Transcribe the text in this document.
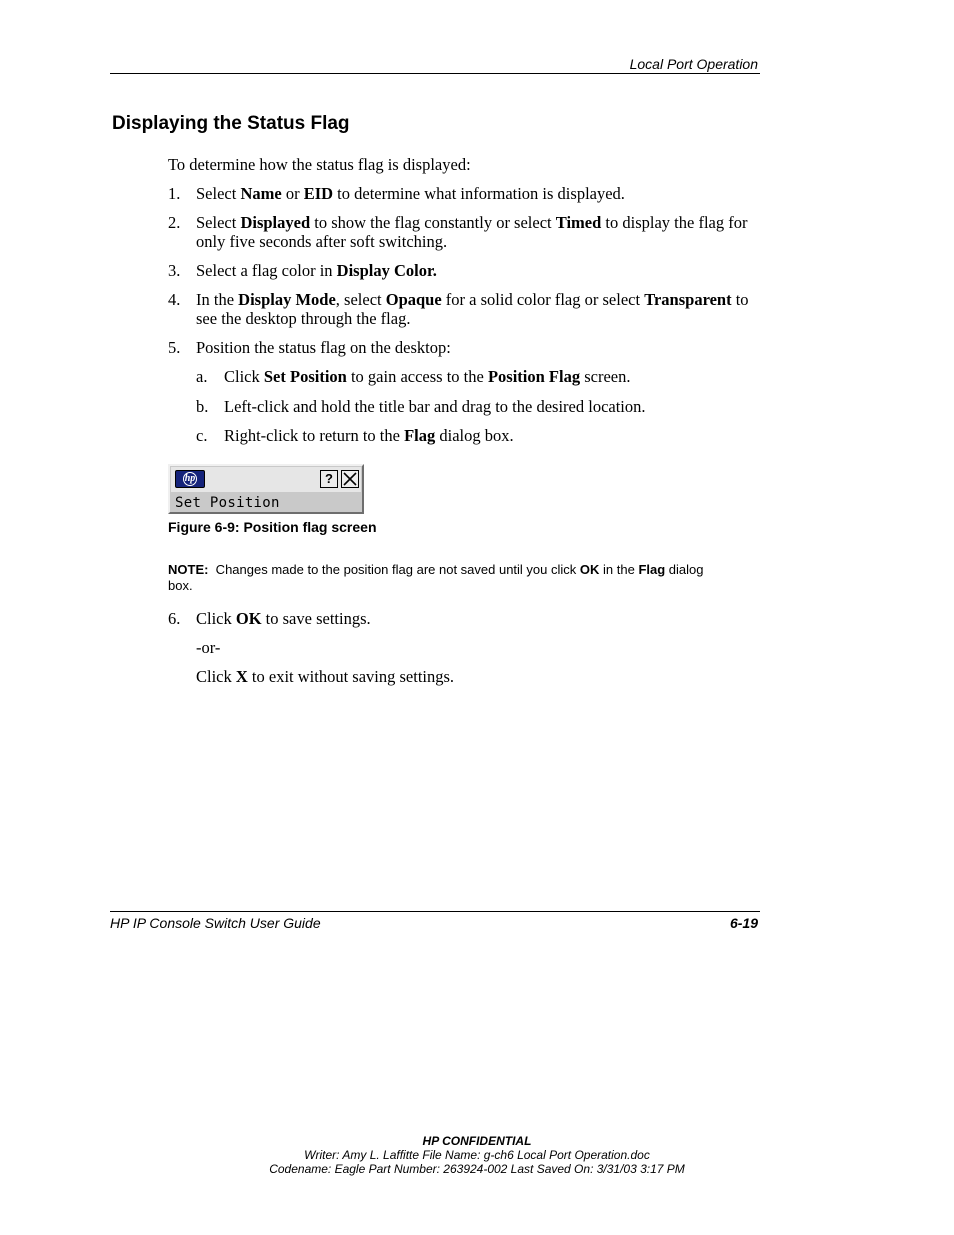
Local Port Operation
Displaying the Status Flag
To determine how the status flag is displayed:
1. Select Name or EID to determine what information is displayed.
2. Select Displayed to show the flag constantly or select Timed to display the flag for only five seconds after soft switching.
3. Select a flag color in Display Color.
4. In the Display Mode, select Opaque for a solid color flag or select Transparent to see the desktop through the flag.
5. Position the status flag on the desktop:
a. Click Set Position to gain access to the Position Flag screen.
b. Left-click and hold the title bar and drag to the desired location.
c. Right-click to return to the Flag dialog box.
hp	?
Set Position
Figure 6-9: Position flag screen
NOTE:  Changes made to the position flag are not saved until you click OK in the Flag dialog box.
6. Click OK to save settings.
-or-
Click X to exit without saving settings.
HP IP Console Switch User Guide	6-19
HP CONFIDENTIAL
Writer: Amy L. Laffitte File Name: g-ch6 Local Port Operation.doc
Codename: Eagle Part Number: 263924-002 Last Saved On: 3/31/03 3:17 PM
